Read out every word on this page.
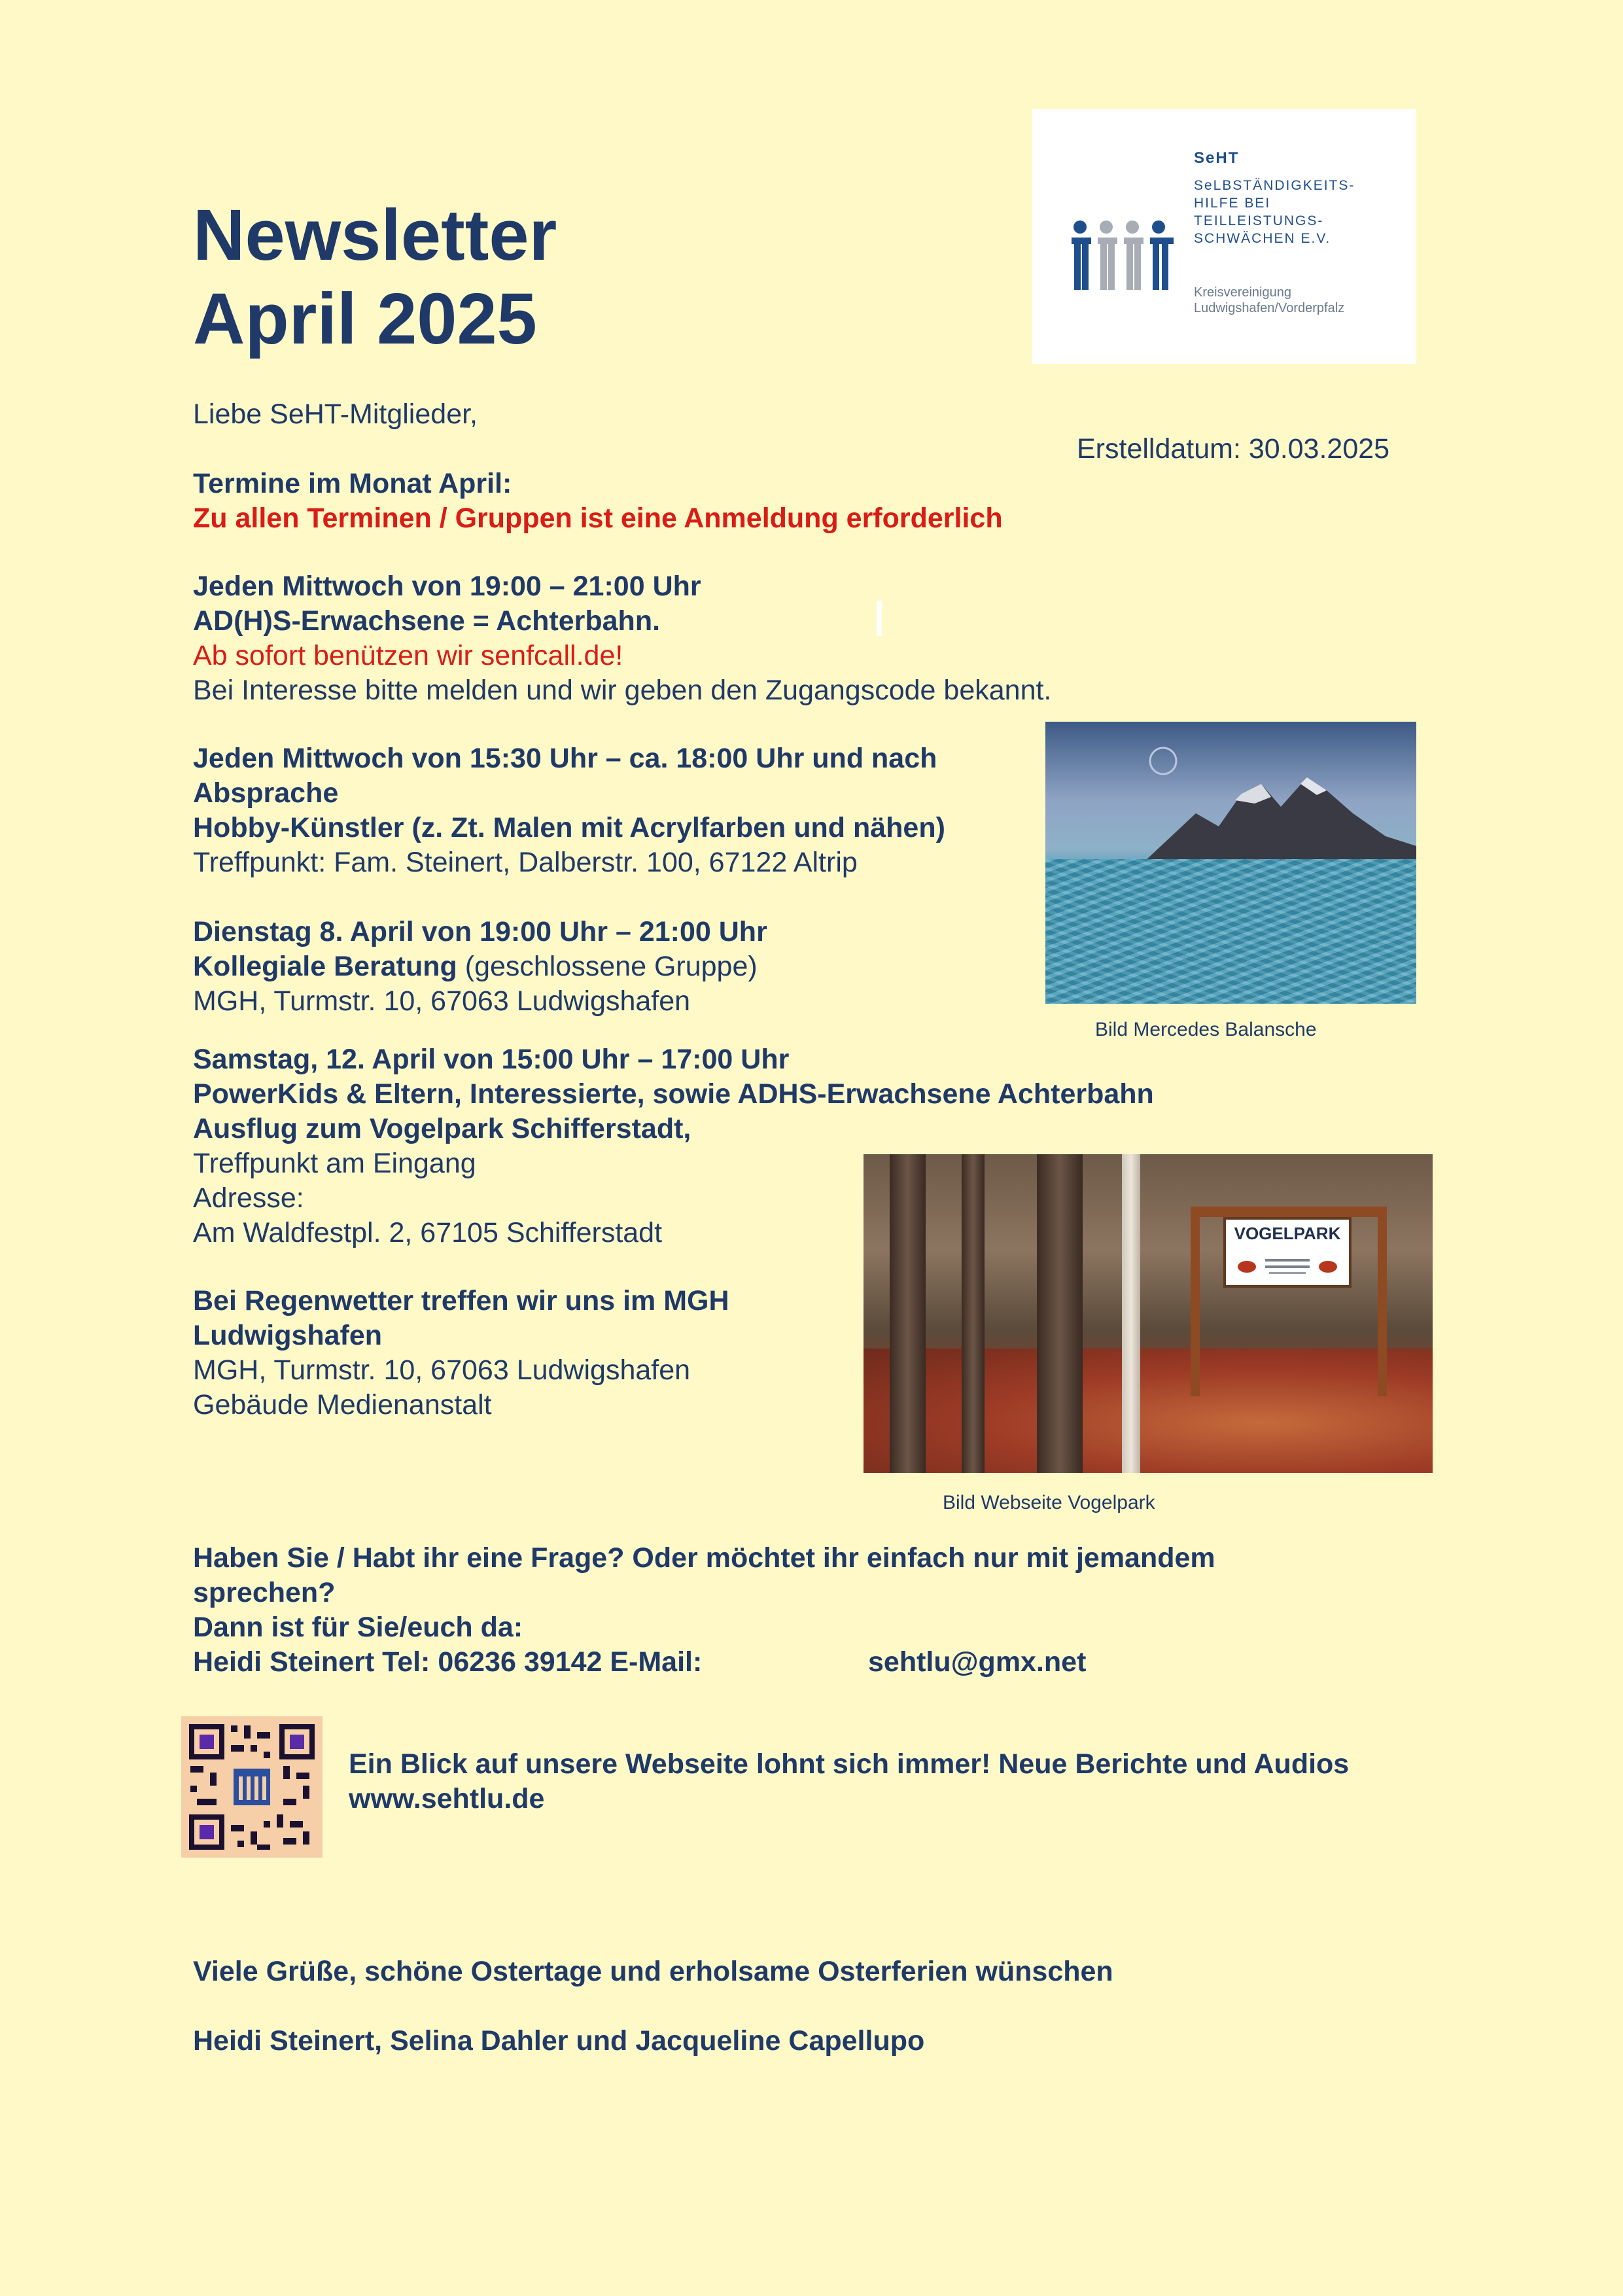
Newsletter
April 2025
SeHT
SeLBSTÄNDIGKEITS-
HILFE BEI
TEILLEISTUNGS-
SCHWÄCHEN E.V.
Kreisvereinigung
Ludwigshafen/Vorderpfalz
Liebe SeHT-Mitglieder,
Erstelldatum: 30.03.2025
Termine im Monat April:
Zu allen Terminen / Gruppen ist eine Anmeldung erforderlich
Jeden Mittwoch von 19:00 – 21:00 Uhr
AD(H)S-Erwachsene = Achterbahn.
Ab sofort benützen wir senfcall.de!
Bei Interesse bitte melden und wir geben den Zugangscode bekannt.
Jeden Mittwoch von 15:30 Uhr – ca. 18:00 Uhr und nach
Absprache
Hobby-Künstler (z. Zt. Malen mit Acrylfarben und nähen)
Treffpunkt: Fam. Steinert, Dalberstr. 100, 67122 Altrip
Bild Mercedes Balansche
Dienstag 8. April von 19:00 Uhr – 21:00 Uhr
Kollegiale Beratung (geschlossene Gruppe)
MGH, Turmstr. 10, 67063 Ludwigshafen
Samstag, 12. April von 15:00 Uhr – 17:00 Uhr
PowerKids & Eltern, Interessierte, sowie ADHS-Erwachsene Achterbahn
Ausflug zum Vogelpark Schifferstadt,
Treffpunkt am Eingang
Adresse:
Am Waldfestpl. 2, 67105 Schifferstadt
Bei Regenwetter treffen wir uns im MGH
Ludwigshafen
MGH, Turmstr. 10, 67063 Ludwigshafen
Gebäude Medienanstalt
VOGELPARK
Bild Webseite Vogelpark
Haben Sie / Habt ihr eine Frage? Oder möchtet ihr einfach nur mit jemandem
sprechen?
Dann ist für Sie/euch da:
Heidi Steinert Tel: 06236 39142 E-Mail:	sehtlu@gmx.net
Ein Blick auf unsere Webseite lohnt sich immer! Neue Berichte und Audios
www.sehtlu.de
Viele Grüße, schöne Ostertage und erholsame Osterferien wünschen
Heidi Steinert, Selina Dahler und Jacqueline Capellupo
